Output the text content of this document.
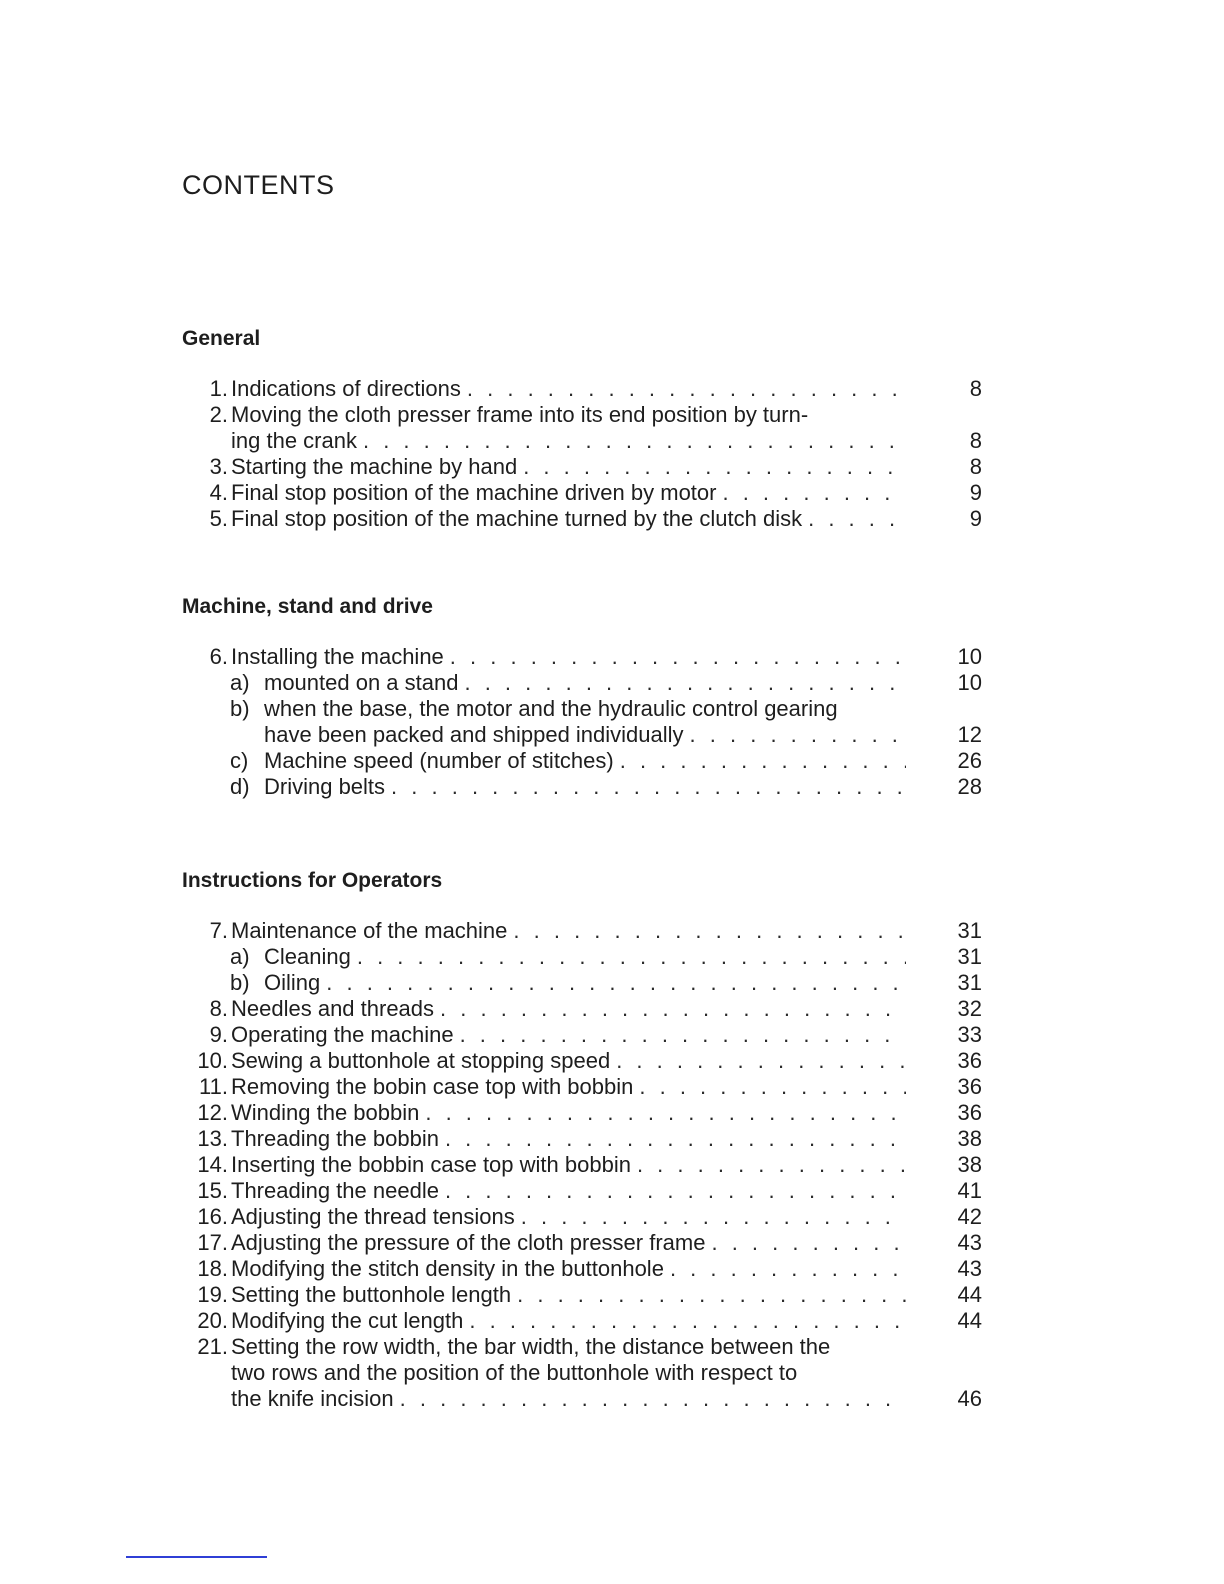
CONTENTS
General
1. Indications of directions . . .	8
2. Moving the cloth presser frame into its end position by turn-
ing the crank . . .	8
3. Starting the machine by hand . . .	8
4. Final stop position of the machine driven by motor . . .	9
5. Final stop position of the machine turned by the clutch disk . . .	9
Machine, stand and drive
6. Installing the machine . . .	10
a) mounted on a stand . . .	10
b) when the base, the motor and the hydraulic control gearing
have been packed and shipped individually . . .	12
c) Machine speed (number of stitches) . . .	26
d) Driving belts . . .	28
Instructions for Operators
7. Maintenance of the machine . . .	31
a) Cleaning . . .	31
b) Oiling . . .	31
8. Needles and threads . . .	32
9. Operating the machine . . .	33
10. Sewing a buttonhole at stopping speed . . .	36
11. Removing the bobin case top with bobbin . . .	36
12. Winding the bobbin . . .	36
13. Threading the bobbin . . .	38
14. Inserting the bobbin case top with bobbin . . .	38
15. Threading the needle . . .	41
16. Adjusting the thread tensions . . .	42
17. Adjusting the pressure of the cloth presser frame . . .	43
18. Modifying the stitch density in the buttonhole . . .	43
19. Setting the buttonhole length . . .	44
20. Modifying the cut length . . .	44
21. Setting the row width, the bar width, the distance between the
two rows and the position of the buttonhole with respect to
the knife incision . . .	46
